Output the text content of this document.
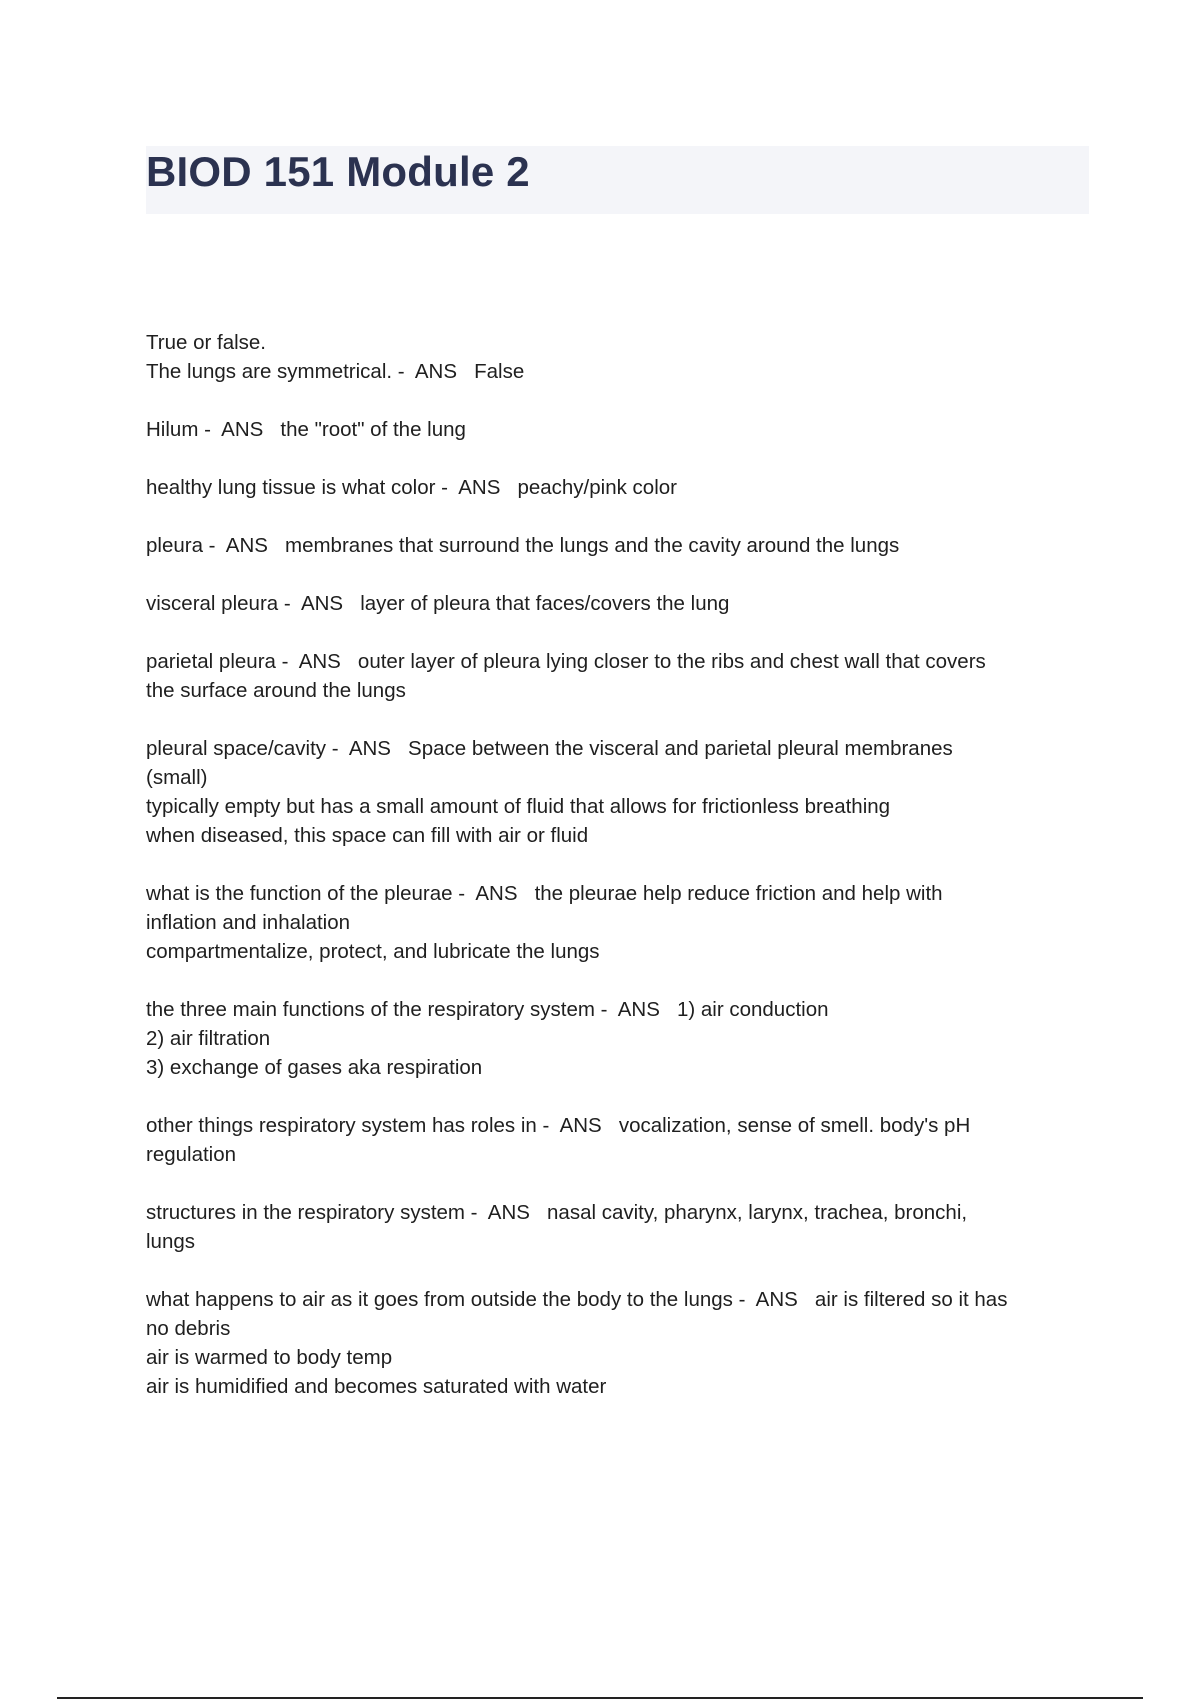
BIOD 151 Module 2
True or false.
The lungs are symmetrical. -  ANS   False
Hilum -  ANS   the "root" of the lung
healthy lung tissue is what color -  ANS   peachy/pink color
pleura -  ANS   membranes that surround the lungs and the cavity around the lungs
visceral pleura -  ANS   layer of pleura that faces/covers the lung
parietal pleura -  ANS   outer layer of pleura lying closer to the ribs and chest wall that covers
the surface around the lungs
pleural space/cavity -  ANS   Space between the visceral and parietal pleural membranes
(small)
typically empty but has a small amount of fluid that allows for frictionless breathing
when diseased, this space can fill with air or fluid
what is the function of the pleurae -  ANS   the pleurae help reduce friction and help with
inflation and inhalation
compartmentalize, protect, and lubricate the lungs
the three main functions of the respiratory system -  ANS   1) air conduction
2) air filtration
3) exchange of gases aka respiration
other things respiratory system has roles in -  ANS   vocalization, sense of smell. body's pH
regulation
structures in the respiratory system -  ANS   nasal cavity, pharynx, larynx, trachea, bronchi,
lungs
what happens to air as it goes from outside the body to the lungs -  ANS   air is filtered so it has
no debris
air is warmed to body temp
air is humidified and becomes saturated with water
